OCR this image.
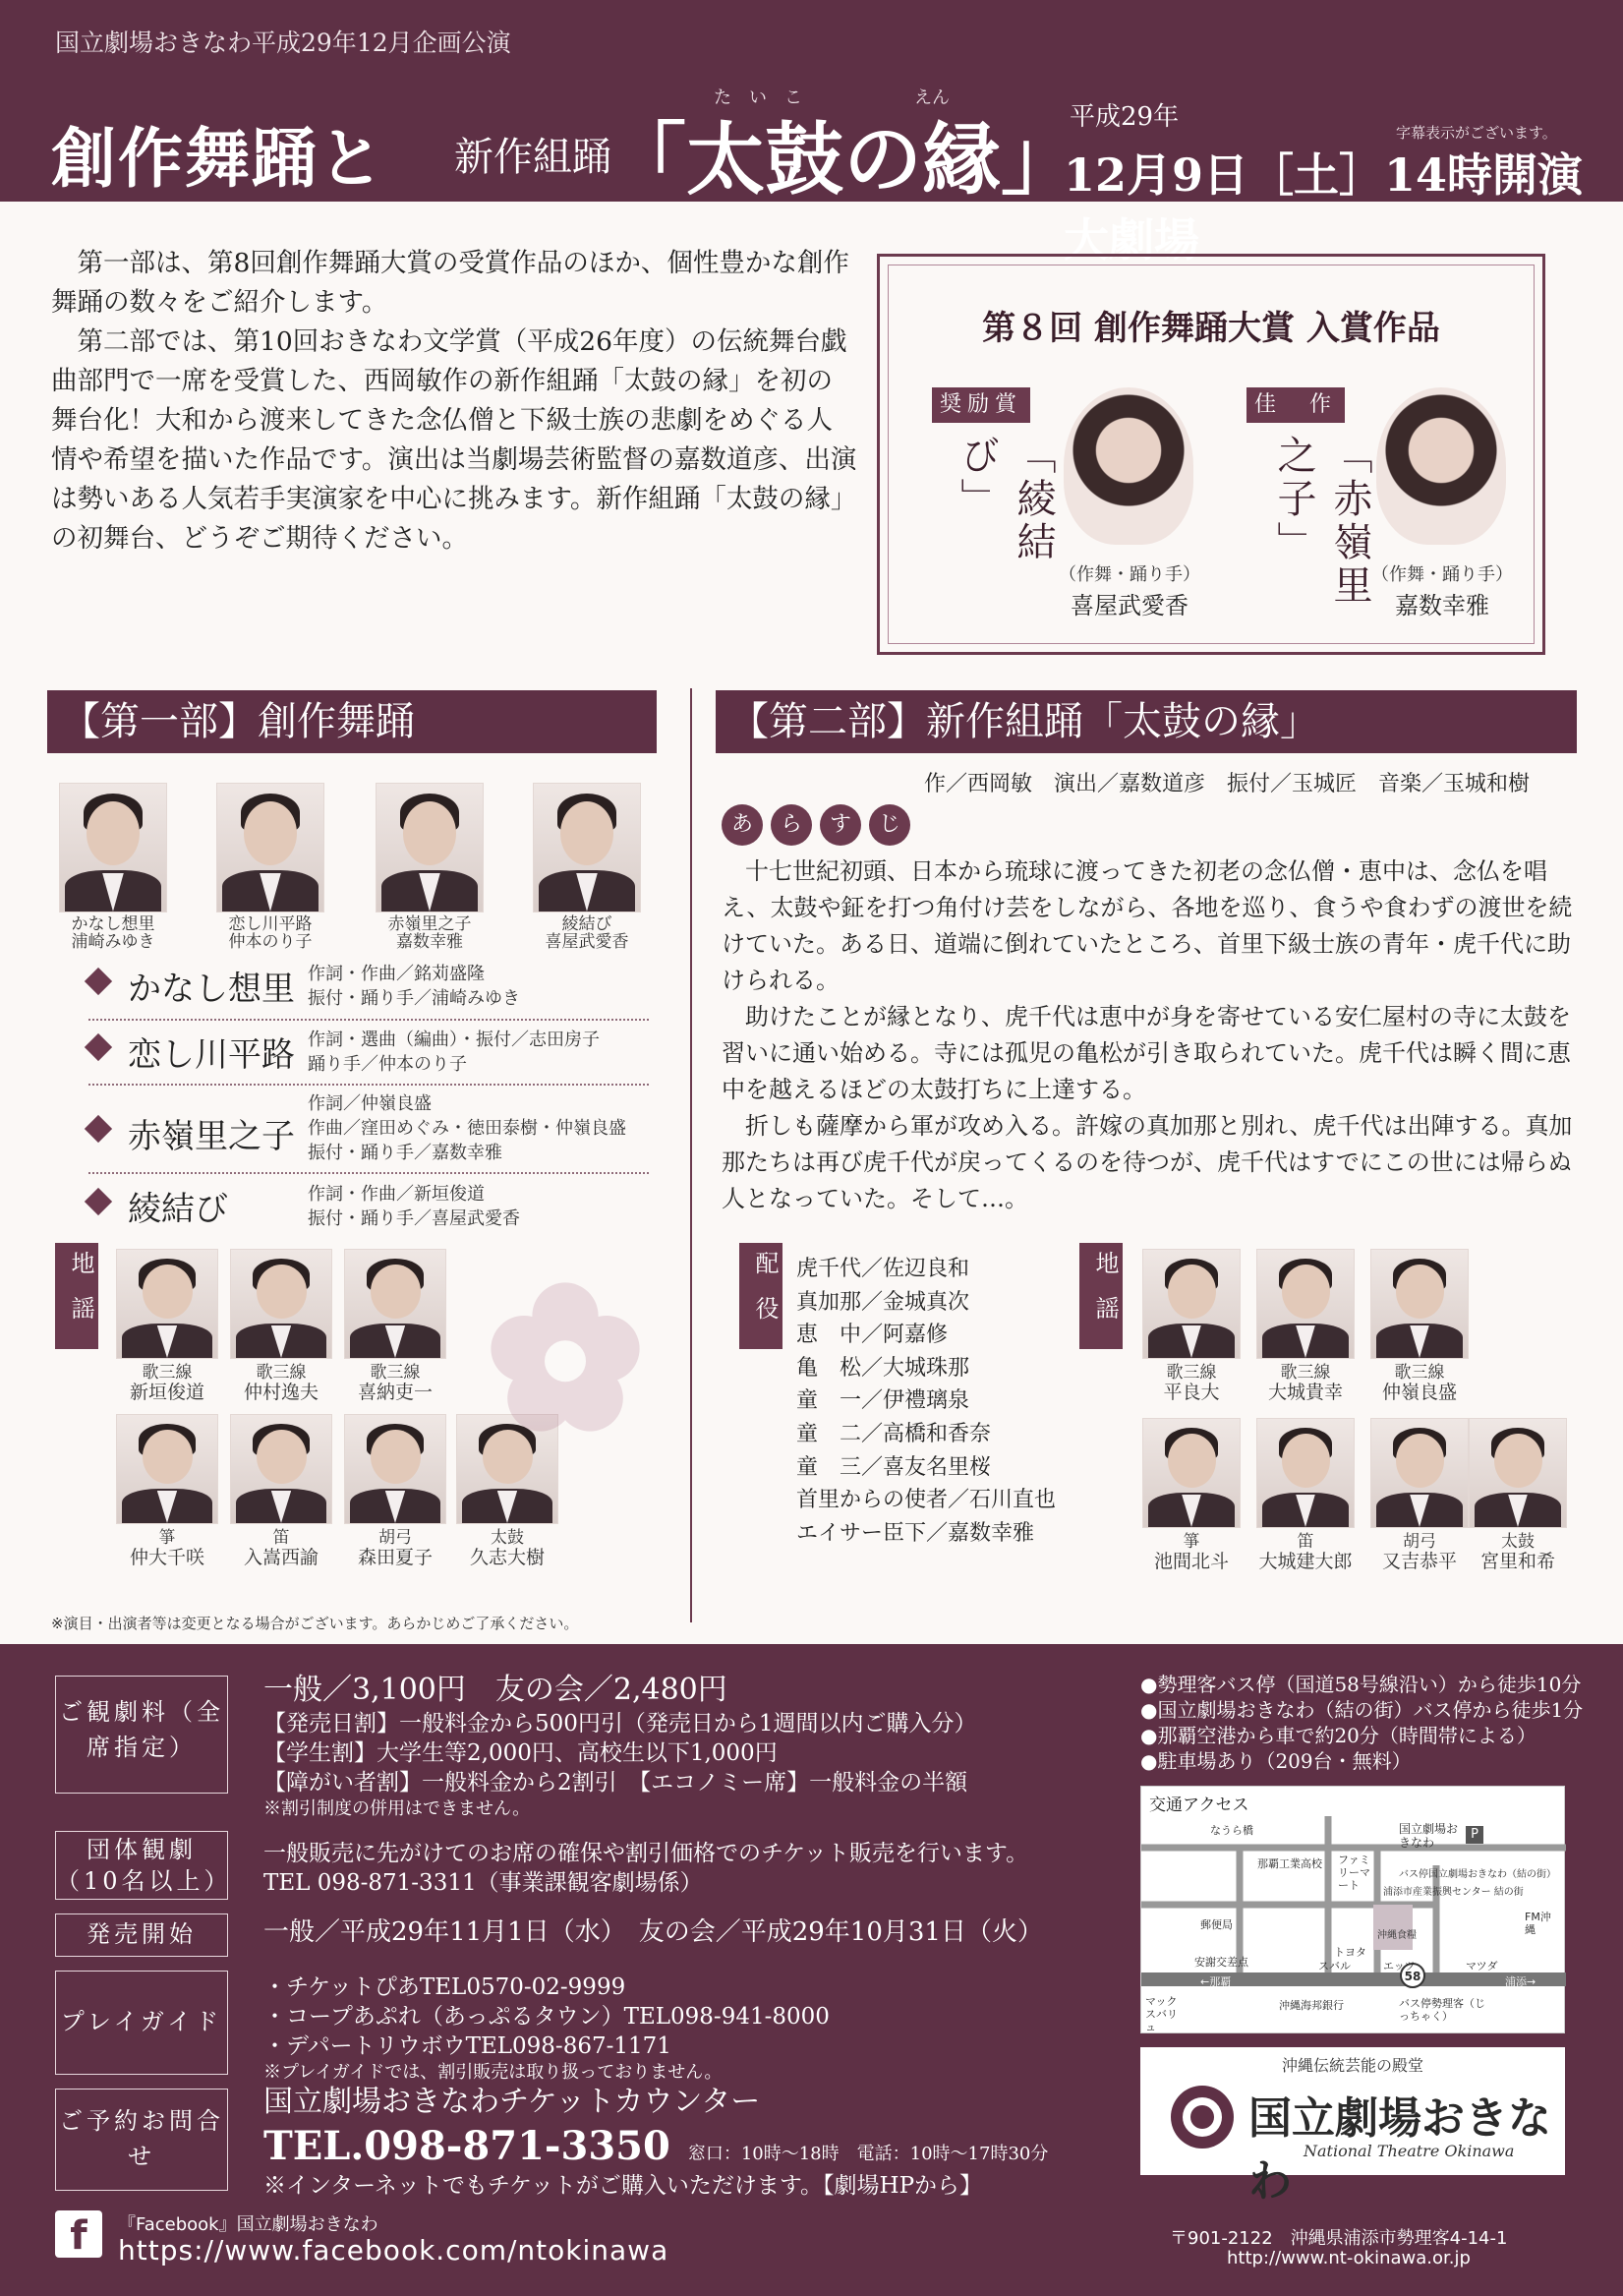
国立劇場おきなわ平成29年12月企画公演
たいこ	えん
創作舞踊と 新作組踊
「太鼓の縁」
平成29年
字幕表示がございます。
12月9日［土］14時開演 大劇場

第一部は、第8回創作舞踊大賞の受賞作品のほか、個性豊かな創作舞踊の数々をご紹介します。

第二部では、第10回おきなわ文学賞（平成26年度）の伝統舞台戯曲部門で一席を受賞した、西岡敏作の新作組踊「太鼓の縁」を初の舞台化！大和から渡来してきた念仏僧と下級士族の悲劇をめぐる人情や希望を描いた作品です。演出は当劇場芸術監督の嘉数道彦、出演は勢いある人気若手実演家を中心に挑みます。新作組踊「太鼓の縁」の初舞台、どうぞご期待ください。

第８回 創作舞踊大賞 入賞作品
奨励賞
「綾結び」
（作舞・踊り手）
喜屋武愛香
佳　作
「赤嶺里之子」
（作舞・踊り手）
嘉数幸雅
【第一部】創作舞踊
かなし想里
浦崎みゆき
恋し川平路
仲本のり子
赤嶺里之子
嘉数幸雅
綾結び
喜屋武愛香
かなし想里 作詞・作曲／銘苅盛隆
振付・踊り手／浦崎みゆき
恋し川平路 作詞・選曲（編曲）・振付／志田房子
踊り手／仲本のり子
赤嶺里之子
作詞／仲嶺良盛
作曲／窪田めぐみ・徳田泰樹・仲嶺良盛
振付・踊り手／嘉数幸雅
綾結び	作詞・作曲／新垣俊道
振付・踊り手／喜屋武愛香
地謡
歌三線
新垣俊道
歌三線
仲村逸夫
歌三線
喜納吏一
箏
仲大千咲
笛
入嵩西諭
胡弓
森田夏子
太鼓
久志大樹
※演目・出演者等は変更となる場合がございます。あらかじめご了承ください。
【第二部】新作組踊「太鼓の縁」
作／西岡敏　演出／嘉数道彦　振付／玉城匠　音楽／玉城和樹
あ	ら	す	じ

十七世紀初頭、日本から琉球に渡ってきた初老の念仏僧・恵中は、念仏を唱え、太鼓や鉦を打つ角付け芸をしながら、各地を巡り、食うや食わずの渡世を続けていた。ある日、道端に倒れていたところ、首里下級士族の青年・虎千代に助けられる。

助けたことが縁となり、虎千代は恵中が身を寄せている安仁屋村の寺に太鼓を習いに通い始める。寺には孤児の亀松が引き取られていた。虎千代は瞬く間に恵中を越えるほどの太鼓打ちに上達する。

折しも薩摩から軍が攻め入る。許嫁の真加那と別れ、虎千代は出陣する。真加那たちは再び虎千代が戻ってくるのを待つが、虎千代はすでにこの世には帰らぬ人となっていた。そして…。

配役 虎千代／佐辺良和
真加那／金城真次
恵　中／阿嘉修
亀　松／大城珠那
童　一／伊禮璃泉
童　二／高橋和香奈
童　三／喜友名里桜
首里からの使者／石川直也
エイサー臣下／嘉数幸雅
地謡
歌三線
平良大
歌三線
大城貴幸
歌三線
仲嶺良盛
箏
池間北斗
笛
大城建大郎
胡弓
又吉恭平
太鼓
宮里和希
ご観劇料（全席指定）
一般／3,100円　友の会／2,480円
【発売日割】一般料金から500円引（発売日から1週間以内ご購入分）
【学生割】大学生等2,000円、高校生以下1,000円
【障がい者割】一般料金から2割引　【エコノミー席】一般料金の半額
※割引制度の併用はできません。
団体観劇（10名以上）
一般販売に先がけてのお席の確保や割引価格でのチケット販売を行います。
TEL 098-871-3311（事業課観客劇場係）
発売開始	一般／平成29年11月1日（水）　友の会／平成29年10月31日（火）
プレイガイド
・チケットぴあTEL0570-02-9999
・コープあぷれ（あっぷるタウン）TEL098-941-8000
・デパートリウボウTEL098-867-1171
※プレイガイドでは、割引販売は取り扱っておりません。
ご予約お問合せ
国立劇場おきなわチケットカウンター
TEL.098-871-3350 窓口：10時～18時　電話：10時～17時30分
※インターネットでもチケットがご購入いただけます。【劇場HPから】
f	『Facebook』国立劇場おきなわ
https://www.facebook.com/ntokinawa
●勢理客バス停（国道58号線沿い）から徒歩10分
●国立劇場おきなわ（結の街）バス停から徒歩1分
●那覇空港から車で約20分（時間帯による）
●駐車場あり（209台・無料）
交通アクセス
なうら橋
那覇工業高校 ファミリーマート
国立劇場おきなわ
P
バス停国立劇場おきなわ（結の街）
浦添市産業振興センター 結の街
郵便局
FM沖縄
安謝交差点
トヨタ
スバル	エッツ	マツダ
沖縄食糧
←那覇	浦添→
58
マックスバリュ
沖縄海邦銀行	バス停勢理客（じっちゃく）
沖縄伝統芸能の殿堂
国立劇場おきなわ
National Theatre Okinawa
〒901-2122　沖縄県浦添市勢理客4-14-1
http://www.nt-okinawa.or.jp
